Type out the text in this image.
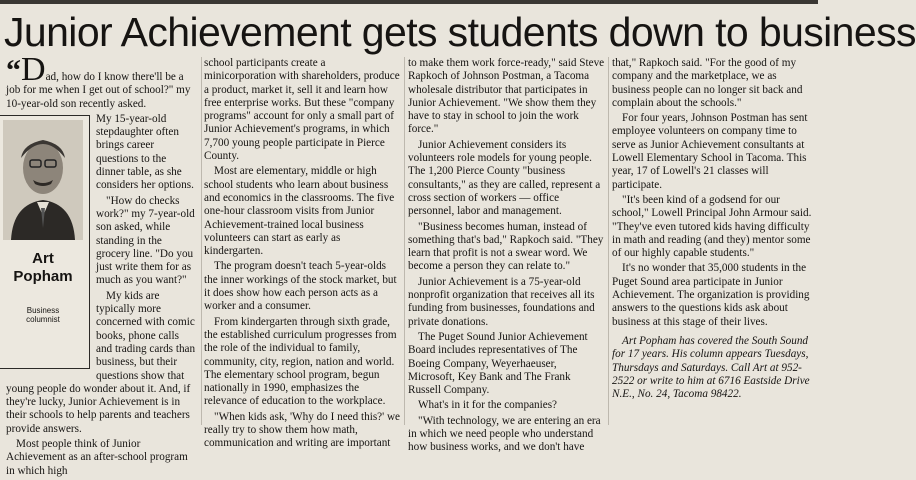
Junior Achievement gets students down to business

“Dad, how do I know there'll be a job for me when I get out of school?" my 10-year-old son recently asked.

Art
Popham
Business
columnist
My 15-year-old stepdaughter often brings career questions to the dinner table, as she considers her options.

"How do checks work?" my 7-year-old son asked, while standing in the grocery line. "Do you just write them for as much as you want?"

My kids are typically more concerned with comic books, phone calls and trading cards than business, but their questions show that young people do wonder about it. And, if they're lucky, Junior Achievement is in their schools to help parents and teachers provide answers.

Most people think of Junior Achievement as an after-school program in which high

school participants create a minicorporation with shareholders, produce a product, market it, sell it and learn how free enterprise works. But these "company programs" account for only a small part of Junior Achievement's programs, in which 7,700 young people participate in Pierce County.

Most are elementary, middle or high school students who learn about business and economics in the classrooms. The five one-hour classroom visits from Junior Achievement-trained local business volunteers can start as early as kindergarten.

The program doesn't teach 5-year-olds the inner workings of the stock market, but it does show how each person acts as a worker and a consumer.

From kindergarten through sixth grade, the established curriculum progresses from the role of the individual to family, community, city, region, nation and world. The elementary school program, begun nationally in 1990, emphasizes the relevance of education to the workplace.

"When kids ask, 'Why do I need this?' we really try to show them how math, communication and writing are important

to make them work force-ready," said Steve Rapkoch of Johnson Postman, a Tacoma wholesale distributor that participates in Junior Achievement. "We show them they have to stay in school to join the work force."

Junior Achievement considers its volunteers role models for young people. The 1,200 Pierce County "business consultants," as they are called, represent a cross section of workers — office personnel, labor and management.

"Business becomes human, instead of something that's bad," Rapkoch said. "They learn that profit is not a swear word. We become a person they can relate to."

Junior Achievement is a 75-year-old nonprofit organization that receives all its funding from businesses, foundations and private donations.

The Puget Sound Junior Achievement Board includes representatives of The Boeing Company, Weyerhaeuser, Microsoft, Key Bank and The Frank Russell Company.

What's in it for the companies?

"With technology, we are entering an era in which we need people who understand how business works, and we don't have

that," Rapkoch said. "For the good of my company and the marketplace, we as business people can no longer sit back and complain about the schools."

For four years, Johnson Postman has sent employee volunteers on company time to serve as Junior Achievement consultants at Lowell Elementary School in Tacoma. This year, 17 of Lowell's 21 classes will participate.

"It's been kind of a godsend for our school," Lowell Principal John Armour said. "They've even tutored kids having difficulty in math and reading (and they) mentor some of our highly capable students."

It's no wonder that 35,000 students in the Puget Sound area participate in Junior Achievement. The organization is providing answers to the questions kids ask about business at this stage of their lives.

Art Popham has covered the South Sound for 17 years. His column appears Tuesdays, Thursdays and Saturdays. Call Art at 952-2522 or write to him at 6716 Eastside Drive N.E., No. 24, Tacoma 98422.
